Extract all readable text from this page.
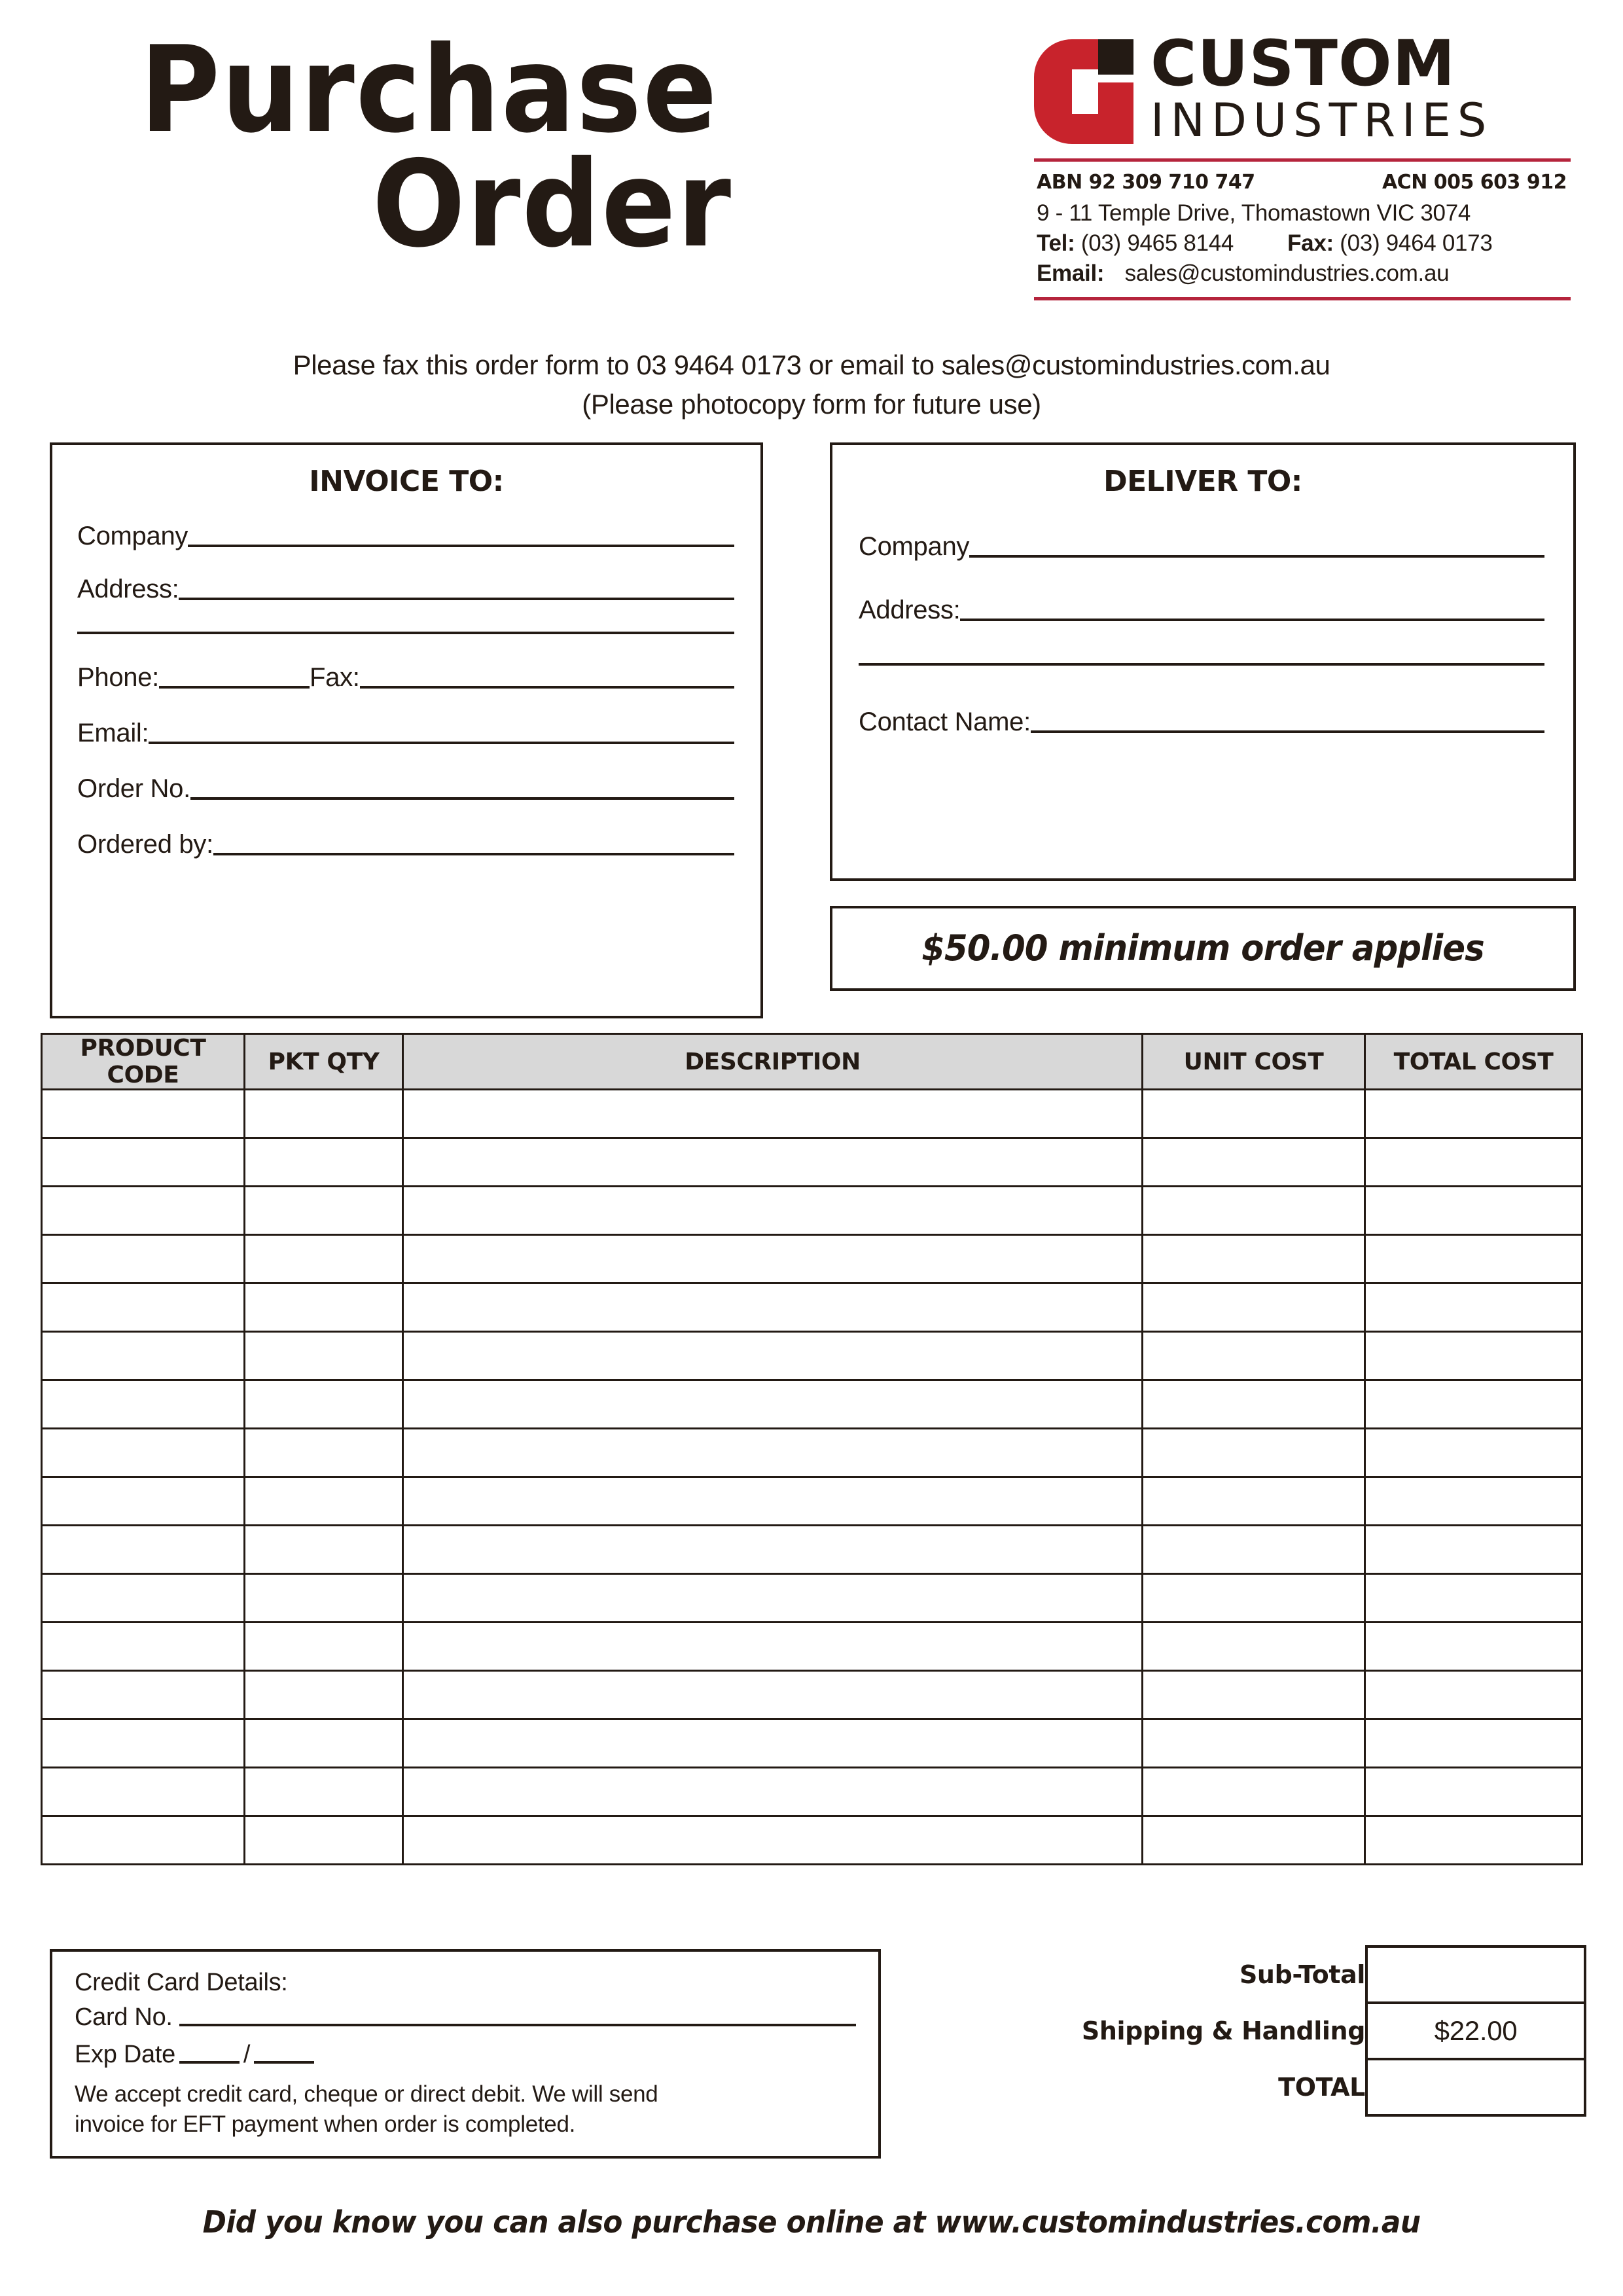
Purchase
Order
CUSTOM
INDUSTRIES
ABN 92 309 710 747	ACN 005 603 912
9 - 11 Temple Drive, Thomastown VIC 3074
Tel:
(03) 9465 8144 Fax:
(03) 9464 0173
Email: sales@customindustries.com.au
Please fax this order form to 03 9464 0173 or email to sales@customindustries.com.au
(Please photocopy form for future use)
INVOICE TO:
Company
Address:
Phone:	Fax:
Email:
Order No.
Ordered by:
DELIVER TO:
Company
Address:
Contact Name:
$50.00 minimum order applies
PRODUCT CODE	PKT QTY	DESCRIPTION	UNIT COST	TOTAL COST

Credit Card Details:
Card No.
Exp Date	/
We accept credit card, cheque or direct debit. We will send
invoice for EFT payment when order is completed.
Sub-Total	
Shipping & Handling	$22.00
TOTAL	
Did you know you can also purchase online at www.customindustries.com.au
